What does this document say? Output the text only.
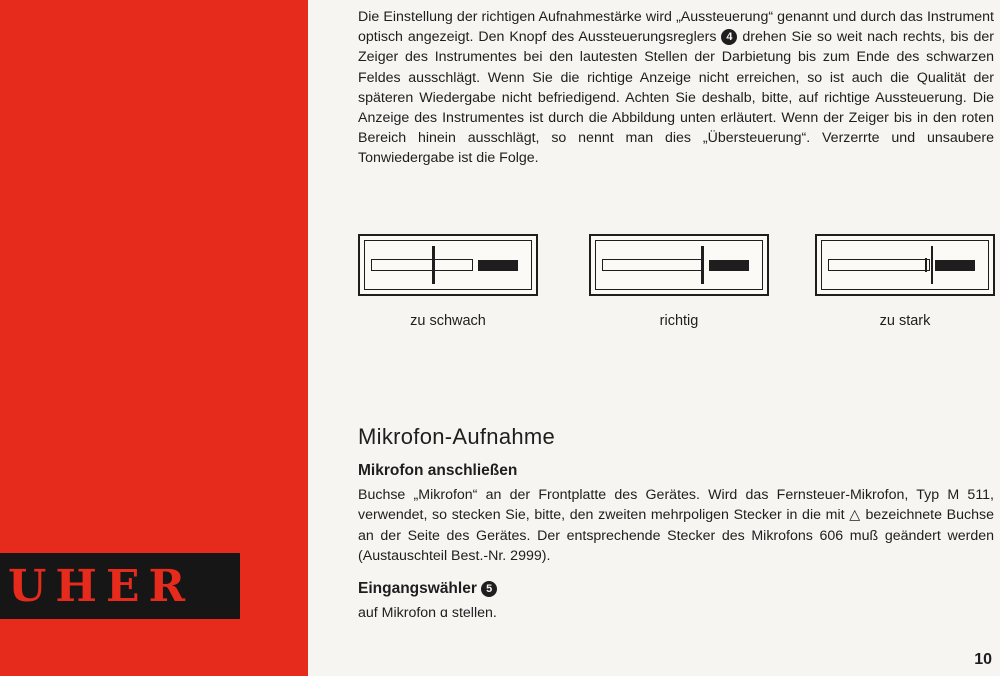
UHER

Die Einstellung der richtigen Aufnahmestärke wird „Aussteuerung“ genannt und durch das Instrument optisch angezeigt. Den Knopf des Aussteuerungsreglers 4 drehen Sie so weit nach rechts, bis der Zeiger des Instrumentes bei den lautesten Stellen der Darbietung bis zum Ende des schwarzen Feldes ausschlägt. Wenn Sie die richtige Anzeige nicht erreichen, so ist auch die Qualität der späteren Wiedergabe nicht befriedigend. Achten Sie deshalb, bitte, auf richtige Aussteuerung. Die Anzeige des Instrumentes ist durch die Abbildung unten erläutert. Wenn der Zeiger bis in den roten Bereich hinein ausschlägt, so nennt man dies „Übersteuerung“. Verzerrte und unsaubere Tonwiedergabe ist die Folge.

zu schwach	richtig	zu stark
Mikrofon-Aufnahme
Mikrofon anschließen

Buchse „Mikrofon“ an der Frontplatte des Gerätes. Wird das Fernsteuer-Mikrofon, Typ M 511, verwendet, so stecken Sie, bitte, den zweiten mehrpoligen Stecker in die mit △ bezeichnete Buchse an der Seite des Gerätes. Der entsprechende Stecker des Mikrofons 606 muß geändert werden (Austauschteil Best.-Nr. 2999).

Eingangswähler 5

auf Mikrofon ɑ stellen.

10
